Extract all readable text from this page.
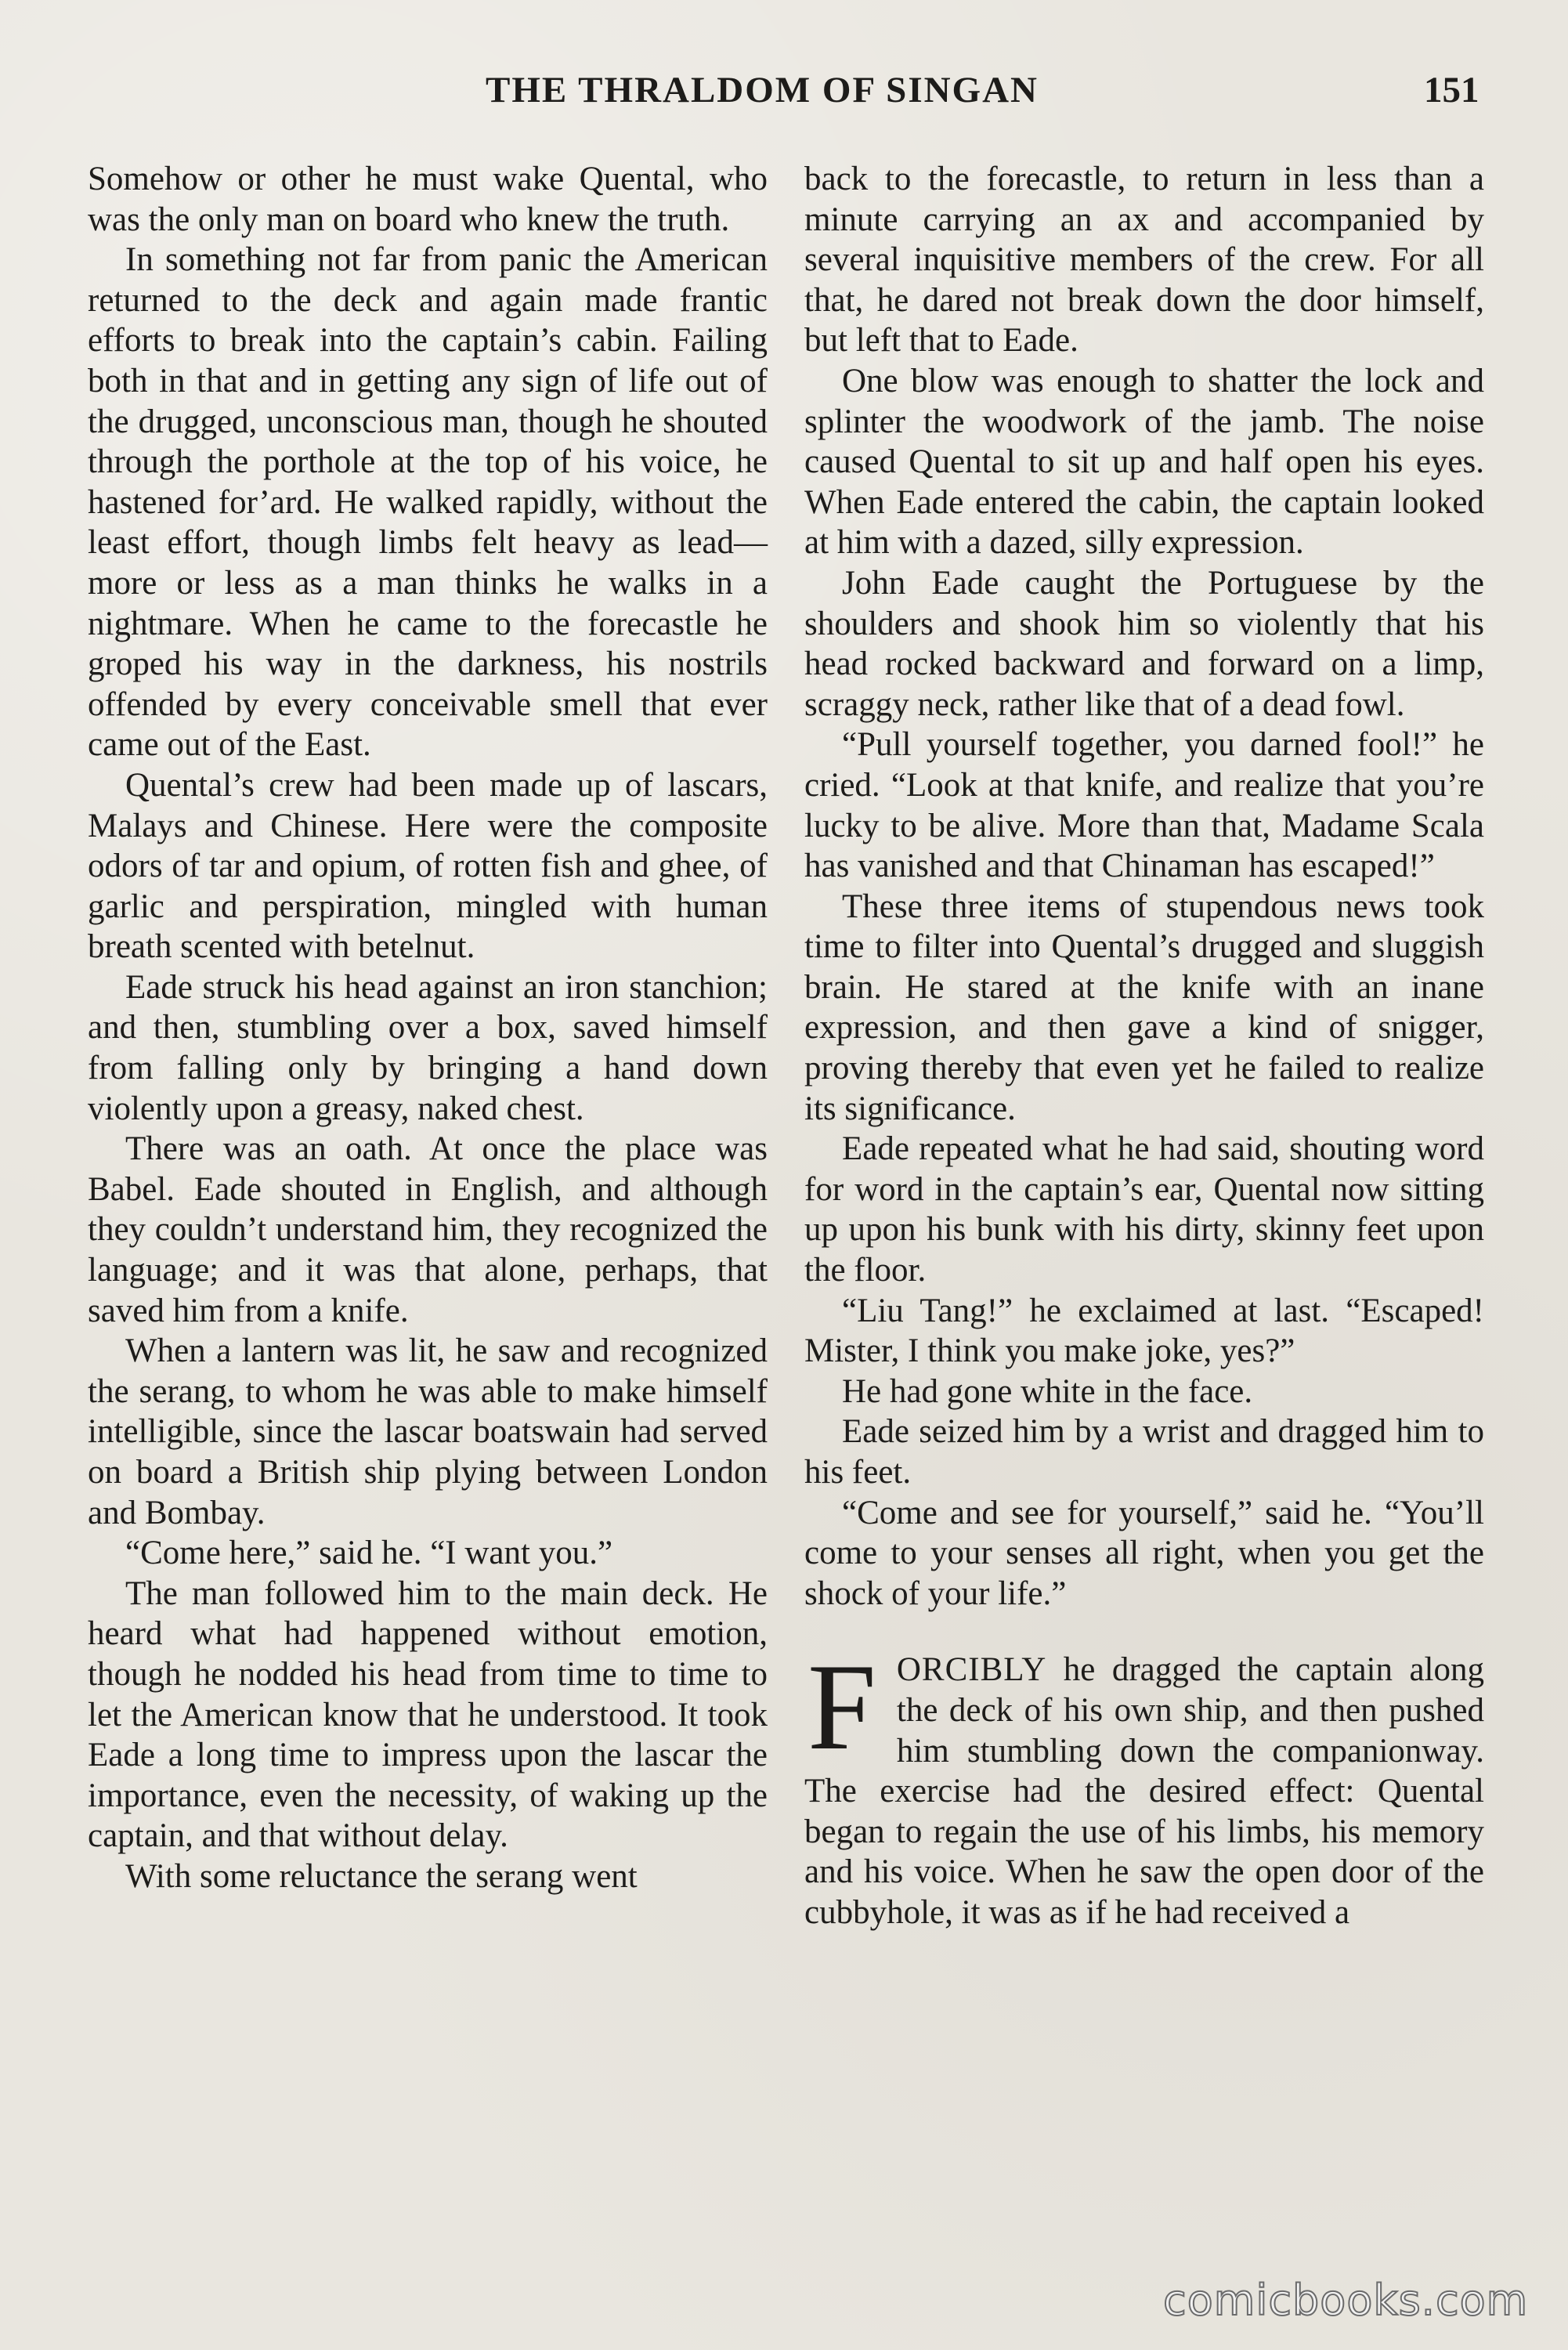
THE THRALDOM OF SINGAN	151

Somehow or other he must wake Quental, who was the only man on board who knew the truth.

In something not far from panic the American returned to the deck and again made frantic efforts to break into the captain’s cabin. Failing both in that and in getting any sign of life out of the drugged, unconscious man, though he shouted through the porthole at the top of his voice, he hastened for’ard. He walked rapidly, without the least effort, though limbs felt heavy as lead—more or less as a man thinks he walks in a nightmare. When he came to the forecastle he groped his way in the darkness, his nostrils offended by every conceivable smell that ever came out of the East.

Quental’s crew had been made up of lascars, Malays and Chinese. Here were the composite odors of tar and opium, of rotten fish and ghee, of garlic and perspiration, mingled with human breath scented with betelnut.

Eade struck his head against an iron stanchion; and then, stumbling over a box, saved himself from falling only by bringing a hand down violently upon a greasy, naked chest.

There was an oath. At once the place was Babel. Eade shouted in English, and although they couldn’t understand him, they recognized the language; and it was that alone, perhaps, that saved him from a knife.

When a lantern was lit, he saw and recognized the serang, to whom he was able to make himself intelligible, since the lascar boatswain had served on board a British ship plying between London and Bombay.

“Come here,” said he. “I want you.”

The man followed him to the main deck. He heard what had happened without emotion, though he nodded his head from time to time to let the American know that he understood. It took Eade a long time to impress upon the lascar the importance, even the necessity, of waking up the captain, and that without delay.

With some reluctance the serang went

back to the forecastle, to return in less than a minute carrying an ax and accompanied by several inquisitive members of the crew. For all that, he dared not break down the door himself, but left that to Eade.

One blow was enough to shatter the lock and splinter the woodwork of the jamb. The noise caused Quental to sit up and half open his eyes. When Eade entered the cabin, the captain looked at him with a dazed, silly expression.

John Eade caught the Portuguese by the shoulders and shook him so violently that his head rocked backward and forward on a limp, scraggy neck, rather like that of a dead fowl.

“Pull yourself together, you darned fool!” he cried. “Look at that knife, and realize that you’re lucky to be alive. More than that, Madame Scala has vanished and that Chinaman has escaped!”

These three items of stupendous news took time to filter into Quental’s drugged and sluggish brain. He stared at the knife with an inane expression, and then gave a kind of snigger, proving thereby that even yet he failed to realize its significance.

Eade repeated what he had said, shouting word for word in the captain’s ear, Quental now sitting up upon his bunk with his dirty, skinny feet upon the floor.

“Liu Tang!” he exclaimed at last. “Escaped! Mister, I think you make joke, yes?”

He had gone white in the face.

Eade seized him by a wrist and dragged him to his feet.

“Come and see for yourself,” said he. “You’ll come to your senses all right, when you get the shock of your life.”

FORCIBLY he dragged the captain along the deck of his own ship, and then pushed him stumbling down the companionway. The exercise had the desired effect: Quental began to regain the use of his limbs, his memory and his voice. When he saw the open door of the cubbyhole, it was as if he had received a

comicbooks.com
